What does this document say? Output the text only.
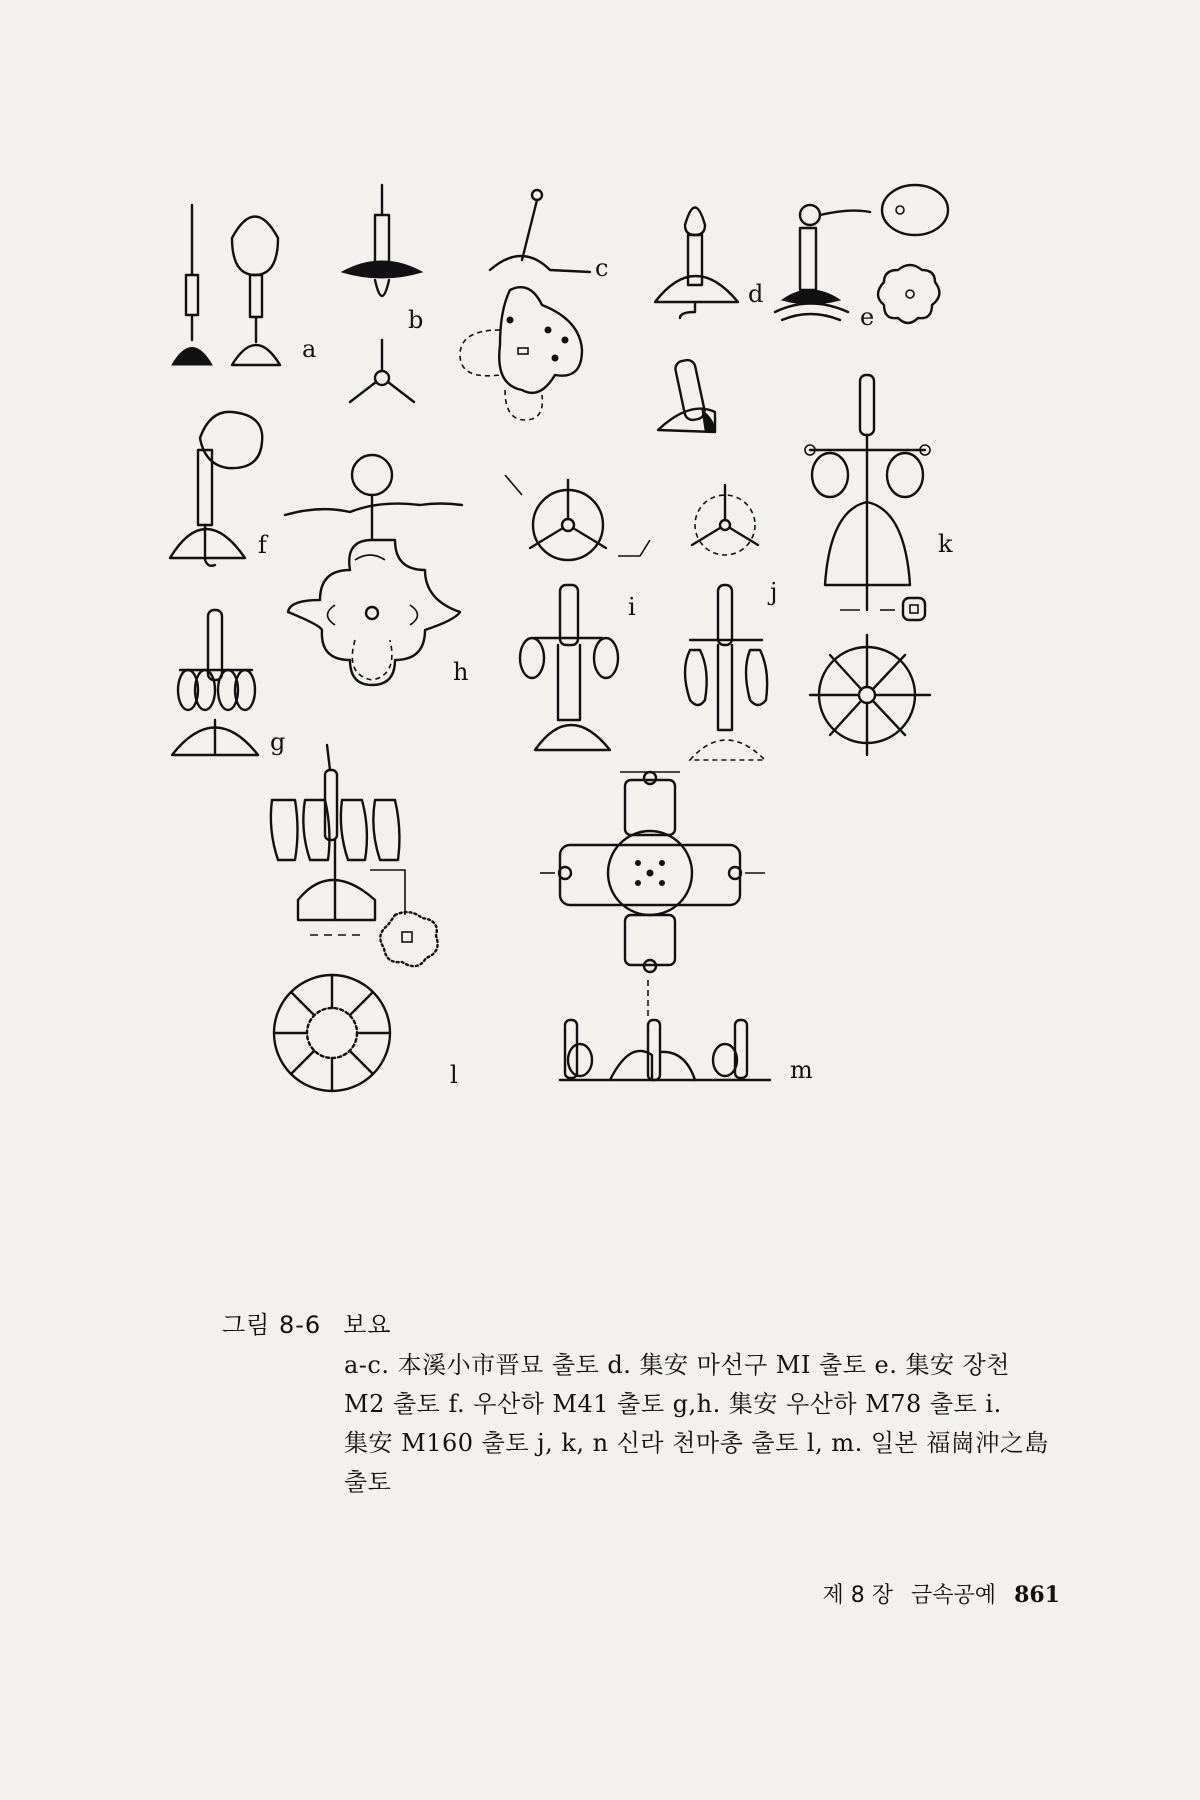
a
b
c
d
e
f
g
h
i
j
k
l	m
그림 8-6 보요
a-c. 本溪小市晋묘 출토 d. 集安 마선구 MI 출토 e. 集安 장천
M2 출토 f. 우산하 M41 출토 g,h. 集安 우산하 M78 출토 i.
集安 M160 출토 j, k, n 신라 천마총 출토 l, m. 일본 福崗沖之島
출토
제 8 장 금속공예 861
